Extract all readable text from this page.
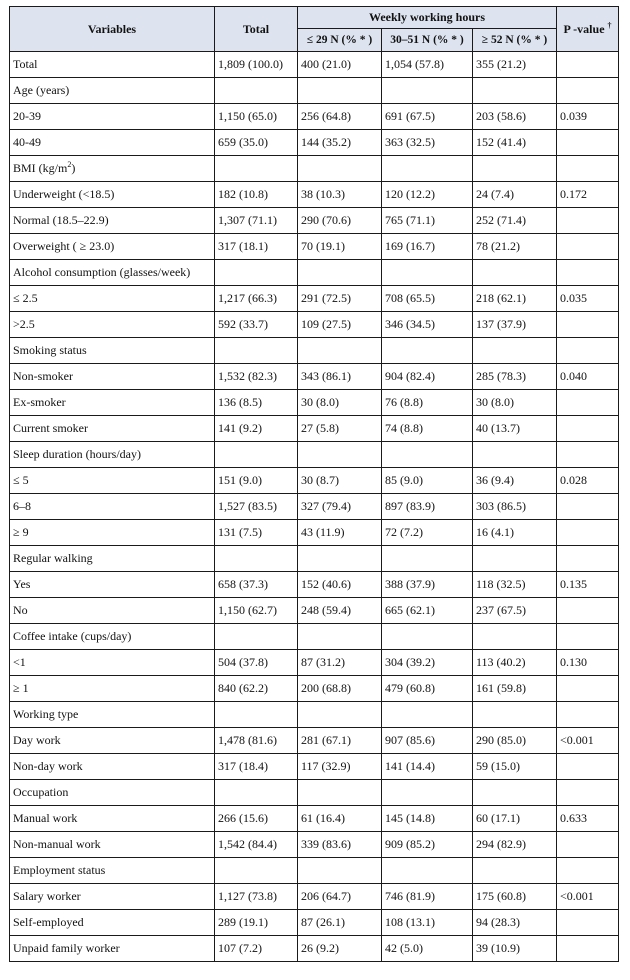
Variables	Total	Weekly working hours			P -value †
		≤ 29 N (% * )	30–51 N (% * )	≥ 52 N (% * )	
Total	1,809 (100.0)	400 (21.0)	1,054 (57.8)	355 (21.2)	
Age (years)					
20-39	1,150 (65.0)	256 (64.8)	691 (67.5)	203 (58.6)	0.039
40-49	659 (35.0)	144 (35.2)	363 (32.5)	152 (41.4)	
BMI $(kg/m^2)$					
Underweight (<18.5)	182 (10.8)	38 (10.3)	120 (12.2)	24 (7.4)	0.172
Normal (18.5–22.9)	1,307 (71.1)	290 (70.6)	765 (71.1)	252 (71.4)	
Overweight ( ≥ 23.0)	317 (18.1)	70 (19.1)	169 (16.7)	78 (21.2)	
Alcohol consumption (glasses/week)					
≤ 2.5	1,217 (66.3)	291 (72.5)	708 (65.5)	218 (62.1)	0.035
>2.5	592 (33.7)	109 (27.5)	346 (34.5)	137 (37.9)	
Smoking status					
Non-smoker	1,532 (82.3)	343 (86.1)	904 (82.4)	285 (78.3)	0.040
Ex-smoker	136 (8.5)	30 (8.0)	76 (8.8)	30 (8.0)	
Current smoker	141 (9.2)	27 (5.8)	74 (8.8)	40 (13.7)	
Sleep duration (hours/day)					
≤ 5	151 (9.0)	30 (8.7)	85 (9.0)	36 (9.4)	0.028
6–8	1,527 (83.5)	327 (79.4)	897 (83.9)	303 (86.5)	
≥ 9	131 (7.5)	43 (11.9)	72 (7.2)	16 (4.1)	
Regular walking					
Yes	658 (37.3)	152 (40.6)	388 (37.9)	118 (32.5)	0.135
No	1,150 (62.7)	248 (59.4)	665 (62.1)	237 (67.5)	
Coffee intake (cups/day)					
<1	504 (37.8)	87 (31.2)	304 (39.2)	113 (40.2)	0.130
≥ 1	840 (62.2)	200 (68.8)	479 (60.8)	161 (59.8)	
Working type					
Day work	1,478 (81.6)	281 (67.1)	907 (85.6)	290 (85.0)	<0.001
Non-day work	317 (18.4)	117 (32.9)	141 (14.4)	59 (15.0)	
Occupation					
Manual work	266 (15.6)	61 (16.4)	145 (14.8)	60 (17.1)	0.633
Non-manual work	1,542 (84.4)	339 (83.6)	909 (85.2)	294 (82.9)	
Employment status					
Salary worker	1,127 (73.8)	206 (64.7)	746 (81.9)	175 (60.8)	<0.001
Self-employed	289 (19.1)	87 (26.1)	108 (13.1)	94 (28.3)	
Unpaid family worker	107 (7.2)	26 (9.2)	42 (5.0)	39 (10.9)	
